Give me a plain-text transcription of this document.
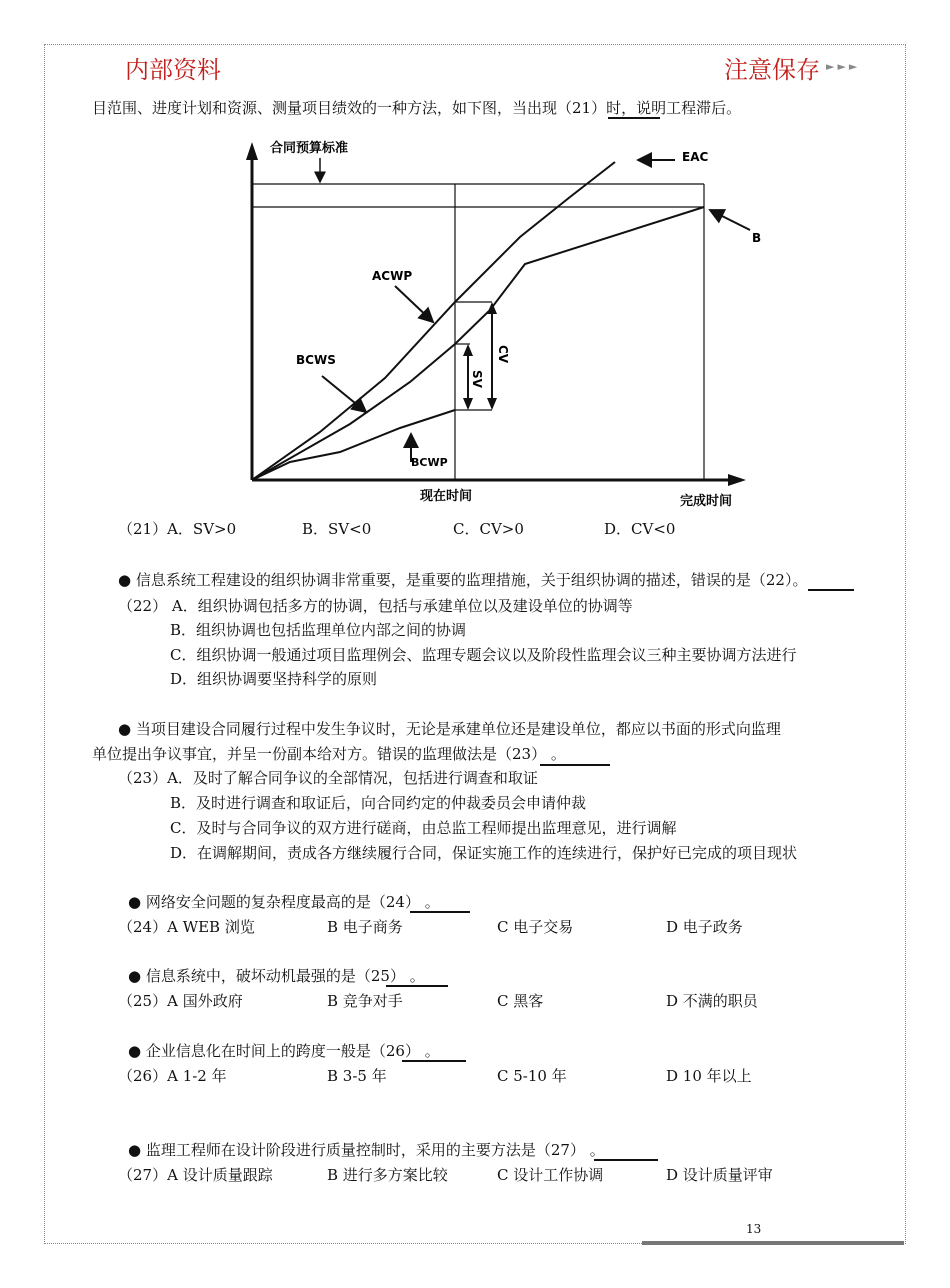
内部资料	注意保存 ►►►
目范围、进度计划和资源、测量项目绩效的一种方法，如下图，当出现（21）时，说明工程滞后。
合同预算标准
SV
CV
EAC
B
ACWP
BCWS
BCWP
现在时间	完成时间
（21）A．SV>0	B．SV<0	C．CV>0	D．CV<0
● 信息系统工程建设的组织协调非常重要，是重要的监理措施，关于组织协调的描述，错误的是（22）。
（22） A．组织协调包括多方的协调，包括与承建单位以及建设单位的协调等
B．组织协调也包括监理单位内部之间的协调
C．组织协调一般通过项目监理例会、监理专题会议以及阶段性监理会议三种主要协调方法进行
D．组织协调要坚持科学的原则
● 当项目建设合同履行过程中发生争议时，无论是承建单位还是建设单位，都应以书面的形式向监理
单位提出争议事宜，并呈一份副本给对方。错误的监理做法是（23） 。
（23）A．及时了解合同争议的全部情况，包括进行调查和取证
B．及时进行调查和取证后，向合同约定的仲裁委员会申请仲裁
C．及时与合同争议的双方进行磋商，由总监工程师提出监理意见，进行调解
D．在调解期间，责成各方继续履行合同，保证实施工作的连续进行，保护好已完成的项目现状
● 网络安全问题的复杂程度最高的是（24） 。
（24）A WEB 浏览	B 电子商务	C 电子交易	D 电子政务
● 信息系统中，破坏动机最强的是（25） 。
（25）A 国外政府	B 竞争对手	C 黑客	D 不满的职员
● 企业信息化在时间上的跨度一般是（26） 。
（26）A 1-2 年	B 3-5 年	C 5-10 年	D 10 年以上
● 监理工程师在设计阶段进行质量控制时，采用的主要方法是（27） 。
（27）A 设计质量跟踪	B 进行多方案比较	C 设计工作协调	D 设计质量评审
13
